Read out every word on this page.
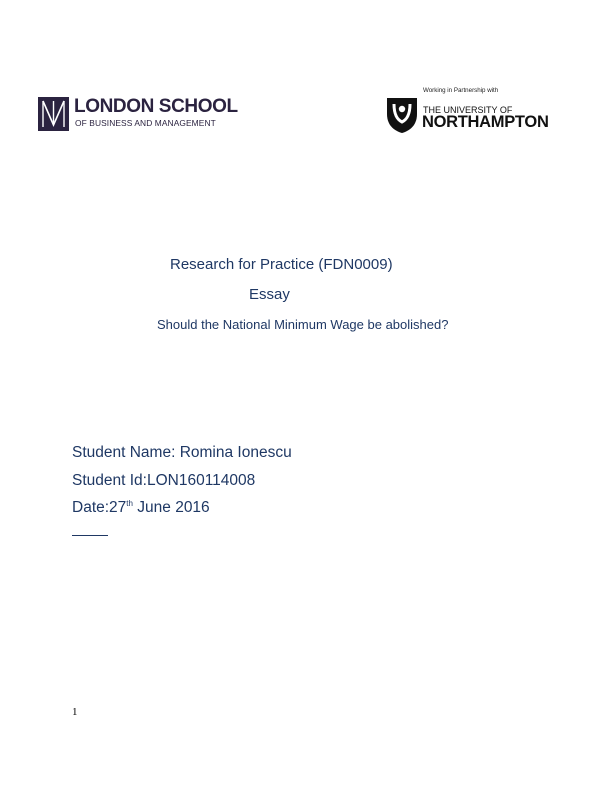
LONDON SCHOOL
OF BUSINESS AND MANAGEMENT
Working in Partnership with
THE UNIVERSITY OF
NORTHAMPTON
Research for Practice (FDN0009)
Essay
Should the National Minimum Wage be abolished?
Student Name: Romina Ionescu
Student Id:LON160114008
Date:27th June 2016
1
